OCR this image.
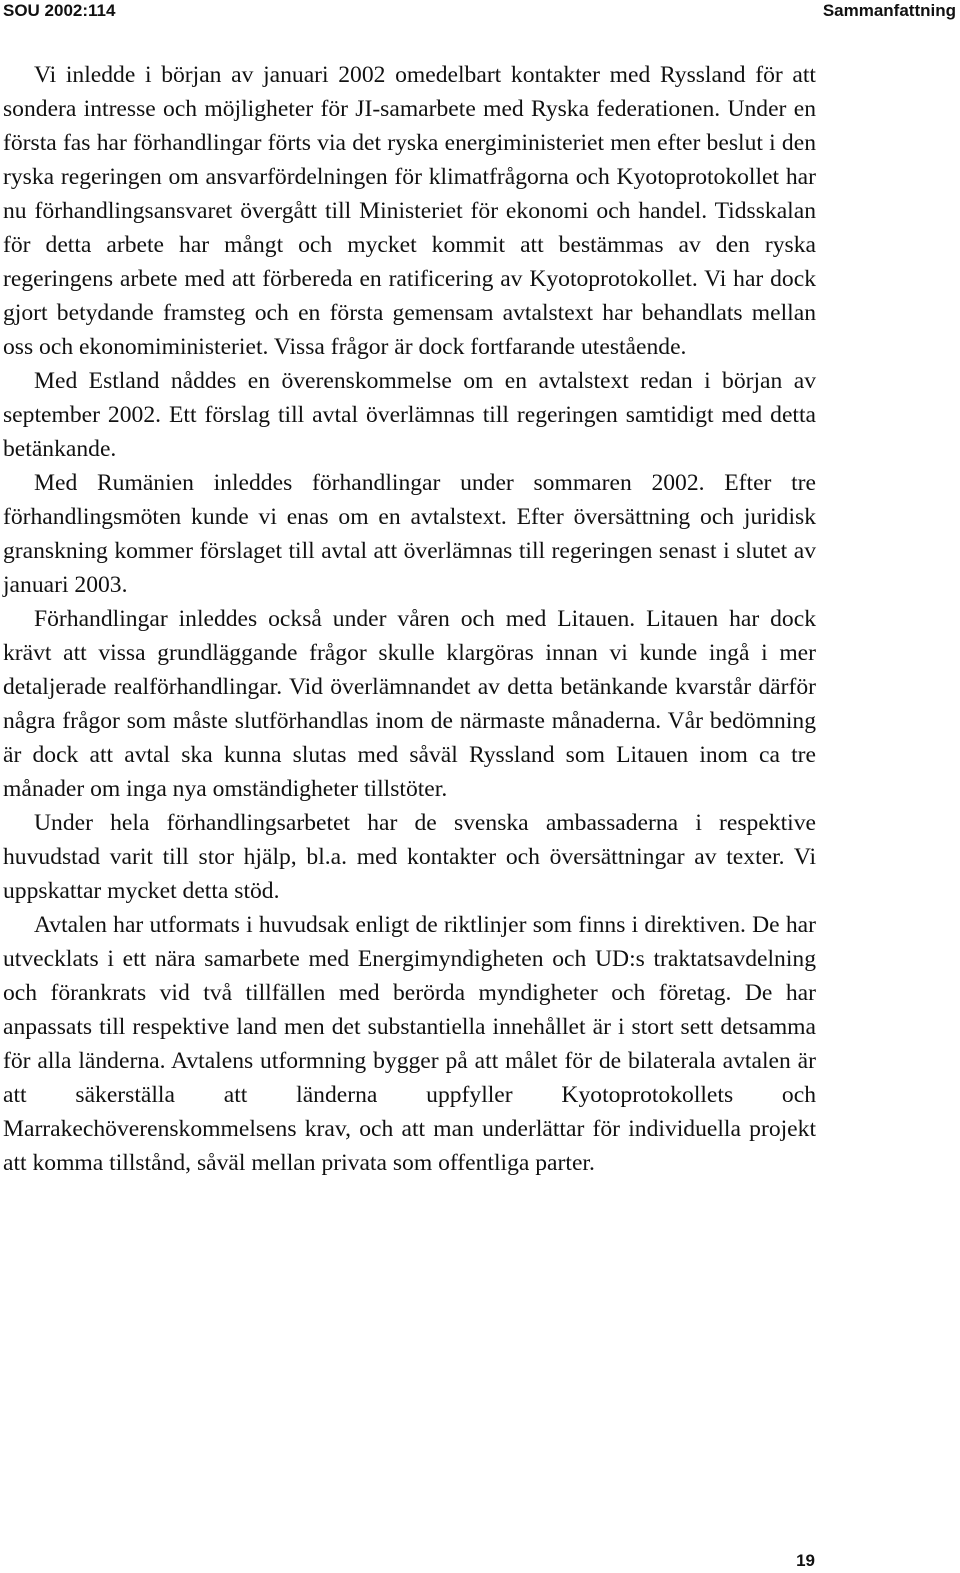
SOU 2002:114	Sammanfattning

Vi inledde i början av januari 2002 omedelbart kontakter med Ryssland för att sondera intresse och möjligheter för JI-samarbete med Ryska federationen. Under en första fas har förhandlingar förts via det ryska energiministeriet men efter beslut i den ryska regeringen om ansvarfördelningen för klimatfrågorna och Kyotoprotokollet har nu förhandlingsansvaret övergått till Ministeriet för ekonomi och handel. Tidsskalan för detta arbete har mångt och mycket kommit att bestämmas av den ryska regeringens arbete med att förbereda en ratificering av Kyotoprotokollet. Vi har dock gjort betydande framsteg och en första gemensam avtalstext har behandlats mellan oss och ekonomiministeriet. Vissa frågor är dock fortfarande utestående.

Med Estland nåddes en överenskommelse om en avtalstext redan i början av september 2002. Ett förslag till avtal överlämnas till regeringen samtidigt med detta betänkande.

Med Rumänien inleddes förhandlingar under sommaren 2002. Efter tre förhandlingsmöten kunde vi enas om en avtalstext. Efter översättning och juridisk granskning kommer förslaget till avtal att överlämnas till regeringen senast i slutet av januari 2003.

Förhandlingar inleddes också under våren och med Litauen. Litauen har dock krävt att vissa grundläggande frågor skulle klargöras innan vi kunde ingå i mer detaljerade realförhandlingar. Vid överlämnandet av detta betänkande kvarstår därför några frågor som måste slutförhandlas inom de närmaste månaderna. Vår bedömning är dock att avtal ska kunna slutas med såväl Ryssland som Litauen inom ca tre månader om inga nya omständigheter tillstöter.

Under hela förhandlingsarbetet har de svenska ambassaderna i respektive huvudstad varit till stor hjälp, bl.a. med kontakter och översättningar av texter. Vi uppskattar mycket detta stöd.

Avtalen har utformats i huvudsak enligt de riktlinjer som finns i direktiven. De har utvecklats i ett nära samarbete med Energimyndigheten och UD:s traktatsavdelning och förankrats vid två tillfällen med berörda myndigheter och företag. De har anpassats till respektive land men det substantiella innehållet är i stort sett detsamma för alla länderna. Avtalens utformning bygger på att målet för de bilaterala avtalen är att säkerställa att länderna uppfyller Kyotoprotokollets och Marrakechöverenskommelsens krav, och att man underlättar för individuella projekt att komma tillstånd, såväl mellan privata som offentliga parter.

19
